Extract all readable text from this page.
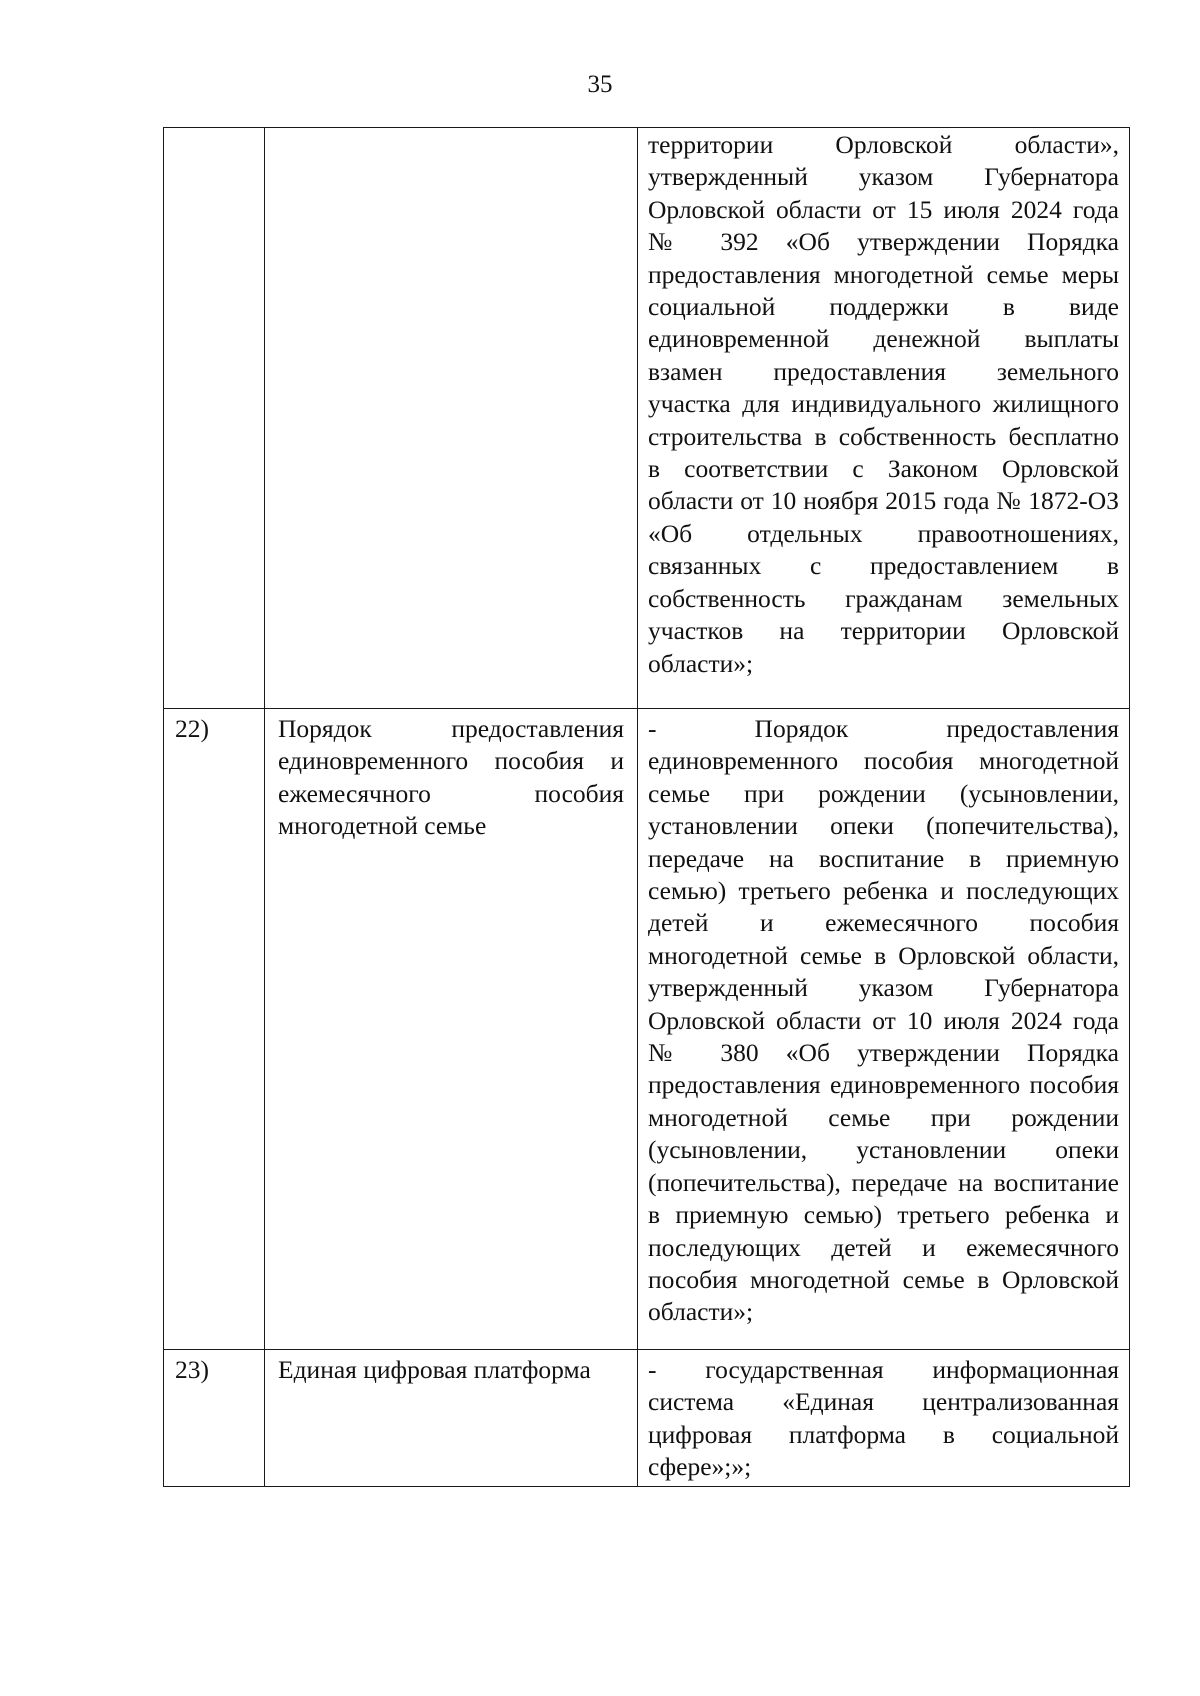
35

		территории Орловской области», утвержденный указом Губернатора Орловской области от 15 июля 2024 года № 392 «Об утверждении Порядка предоставления многодетной семье меры социальной поддержки в виде единовременной денежной выплаты взамен предоставления земельного участка для индивидуального жилищного строительства в собственность бесплатно в соответствии с Законом Орловской области от 10 ноября 2015 года № 1872-ОЗ «Об отдельных правоотношениях, связанных с предоставлением в собственность гражданам земельных участков на территории Орловской области»;

22)	Порядок предоставления единовременного пособия и ежемесячного пособия многодетной семье	- Порядок предоставления единовременного пособия многодетной семье при рождении (усыновлении, установлении опеки (попечительства), передаче на воспитание в приемную семью) третьего ребенка и последующих детей и ежемесячного пособия многодетной семье в Орловской области, утвержденный указом Губернатора Орловской области от 10 июля 2024 года № 380 «Об утверждении Порядка предоставления единовременного пособия многодетной семье при рождении (усыновлении, установлении опеки (попечительства), передаче на воспитание в приемную семью) третьего ребенка и последующих детей и ежемесячного пособия многодетной семье в Орловской области»;

23)	Единая цифровая платформа	- государственная информационная система «Единая централизованная цифровая платформа в социальной сфере»;»;
